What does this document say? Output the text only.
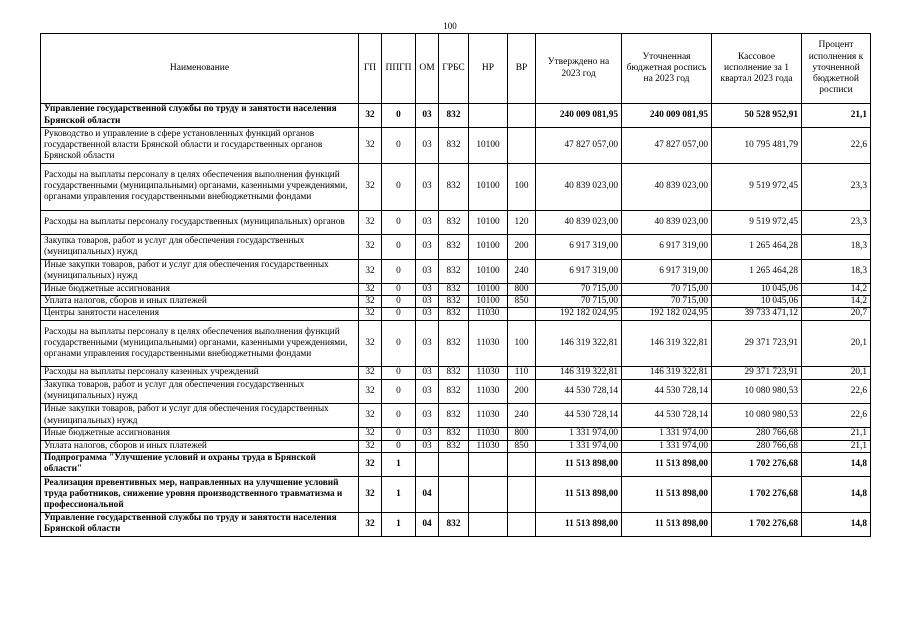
100
Наименование	ГП	ППГП	ОМ	ГРБС	НР	ВР	Утверждено на 2023 год	Уточненная бюджетная роспись на 2023 год	Кассовое исполнение за 1 квартал 2023 года	Процент исполнения к уточненной бюджетной росписи
Управление государственной службы по труду и занятости населения Брянской области	32	0	03	832			240 009 081,95	240 009 081,95	50 528 952,91	21,1
Руководство и управление в сфере установленных функций органов государственной власти Брянской области и государственных органов Брянской области	32	0	03	832	10100		47 827 057,00	47 827 057,00	10 795 481,79	22,6
Расходы на выплаты персоналу в целях обеспечения выполнения функций государственными (муниципальными) органами, казенными учреждениями, органами управления государственными внебюджетными фондами	32	0	03	832	10100	100	40 839 023,00	40 839 023,00	9 519 972,45	23,3
Расходы на выплаты персоналу государственных (муниципальных) органов	32	0	03	832	10100	120	40 839 023,00	40 839 023,00	9 519 972,45	23,3
Закупка товаров, работ и услуг для обеспечения государственных (муниципальных) нужд	32	0	03	832	10100	200	6 917 319,00	6 917 319,00	1 265 464,28	18,3
Иные закупки товаров, работ и услуг для обеспечения государственных (муниципальных) нужд	32	0	03	832	10100	240	6 917 319,00	6 917 319,00	1 265 464,28	18,3
Иные бюджетные ассигнования	32	0	03	832	10100	800	70 715,00	70 715,00	10 045,06	14,2
Уплата налогов, сборов и иных платежей	32	0	03	832	10100	850	70 715,00	70 715,00	10 045,06	14,2
Центры занятости населения	32	0	03	832	11030		192 182 024,95	192 182 024,95	39 733 471,12	20,7
Расходы на выплаты персоналу в целях обеспечения выполнения функций государственными (муниципальными) органами, казенными учреждениями, органами управления государственными внебюджетными фондами	32	0	03	832	11030	100	146 319 322,81	146 319 322,81	29 371 723,91	20,1
Расходы на выплаты персоналу казенных учреждений	32	0	03	832	11030	110	146 319 322,81	146 319 322,81	29 371 723,91	20,1
Закупка товаров, работ и услуг для обеспечения государственных (муниципальных) нужд	32	0	03	832	11030	200	44 530 728,14	44 530 728,14	10 080 980,53	22,6
Иные закупки товаров, работ и услуг для обеспечения государственных (муниципальных) нужд	32	0	03	832	11030	240	44 530 728,14	44 530 728,14	10 080 980,53	22,6
Иные бюджетные ассигнования	32	0	03	832	11030	800	1 331 974,00	1 331 974,00	280 766,68	21,1
Уплата налогов, сборов и иных платежей	32	0	03	832	11030	850	1 331 974,00	1 331 974,00	280 766,68	21,1
Подпрограмма "Улучшение условий и охраны труда в Брянской области"	32	1					11 513 898,00	11 513 898,00	1 702 276,68	14,8
Реализация превентивных мер, направленных на улучшение условий труда работников, снижение уровня производственного травматизма и профессиональной	32	1	04				11 513 898,00	11 513 898,00	1 702 276,68	14,8
Управление государственной службы по труду и занятости населения Брянской области	32	1	04	832			11 513 898,00	11 513 898,00	1 702 276,68	14,8
